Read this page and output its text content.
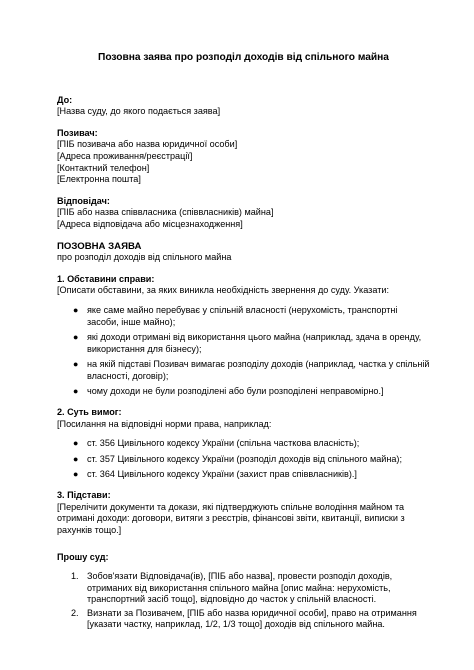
Позовна заява про розподіл доходів від спільного майна
До:
[Назва суду, до якого подається заява]
Позивач:
[ПІБ позивача або назва юридичної особи]
[Адреса проживання/реєстрації]
[Контактний телефон]
[Електронна пошта]
Відповідач:
[ПІБ або назва співвласника (співвласників) майна]
[Адреса відповідача або місцезнаходження]
ПОЗОВНА ЗАЯВА
про розподіл доходів від спільного майна
1. Обставини справи:
[Описати обставини, за яких виникла необхідність звернення до суду. Указати:
● яке саме майно перебуває у спільній власності (нерухомість, транспортні
засоби, інше майно);
● які доходи отримані від використання цього майна (наприклад, здача в оренду,
використання для бізнесу);
● на якій підставі Позивач вимагає розподілу доходів (наприклад, частка у спільній
власності, договір);
● чому доходи не були розподілені або були розподілені неправомірно.]
2. Суть вимог:
[Посилання на відповідні норми права, наприклад:
● ст. 356 Цивільного кодексу України (спільна часткова власність);
● ст. 357 Цивільного кодексу України (розподіл доходів від спільного майна);
● ст. 364 Цивільного кодексу України (захист прав співвласників).]
3. Підстави:
[Перелічити документи та докази, які підтверджують спільне володіння майном та
отримані доходи: договори, витяги з реєстрів, фінансові звіти, квитанції, виписки з
рахунків тощо.]
Прошу суд:
1. Зобов'язати Відповідача(ів), [ПІБ або назва], провести розподіл доходів,
отриманих від використання спільного майна [опис майна: нерухомість,
транспортний засіб тощо], відповідно до часток у спільній власності.
2. Визнати за Позивачем, [ПІБ або назва юридичної особи], право на отримання
[указати частку, наприклад, 1/2, 1/3 тощо] доходів від спільного майна.
